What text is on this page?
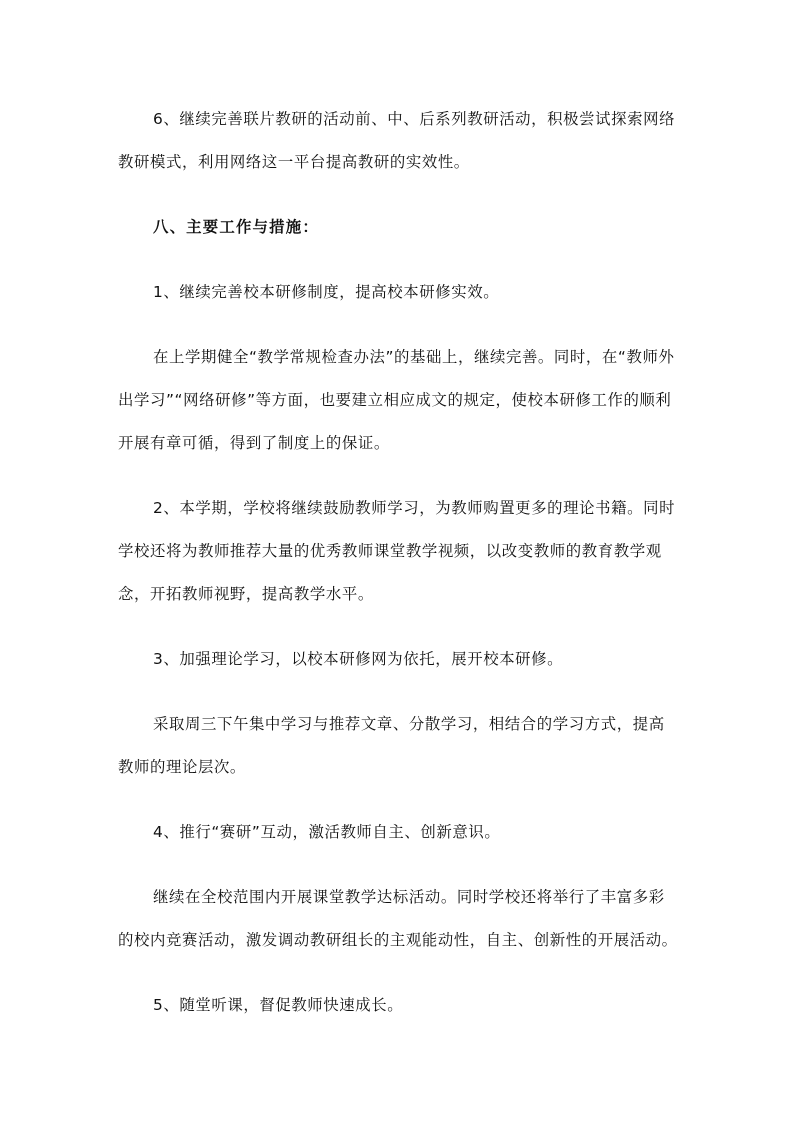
6、继续完善联片教研的活动前、中、后系列教研活动，积极尝试探索网络教研模式，利用网络这一平台提高教研的实效性。

八、主要工作与措施：

1、继续完善校本研修制度，提高校本研修实效。

在上学期健全“教学常规检查办法”的基础上，继续完善。同时，在“教师外出学习”“网络研修”等方面，也要建立相应成文的规定，使校本研修工作的顺利开展有章可循，得到了制度上的保证。

2、本学期，学校将继续鼓励教师学习，为教师购置更多的理论书籍。同时学校还将为教师推荐大量的优秀教师课堂教学视频，以改变教师的教育教学观念，开拓教师视野，提高教学水平。

3、加强理论学习，以校本研修网为依托，展开校本研修。

采取周三下午集中学习与推荐文章、分散学习，相结合的学习方式，提高教师的理论层次。

4、推行“赛研”互动，激活教师自主、创新意识。

继续在全校范围内开展课堂教学达标活动。同时学校还将举行了丰富多彩的校内竞赛活动，激发调动教研组长的主观能动性，自主、创新性的开展活动。

5、随堂听课，督促教师快速成长。
